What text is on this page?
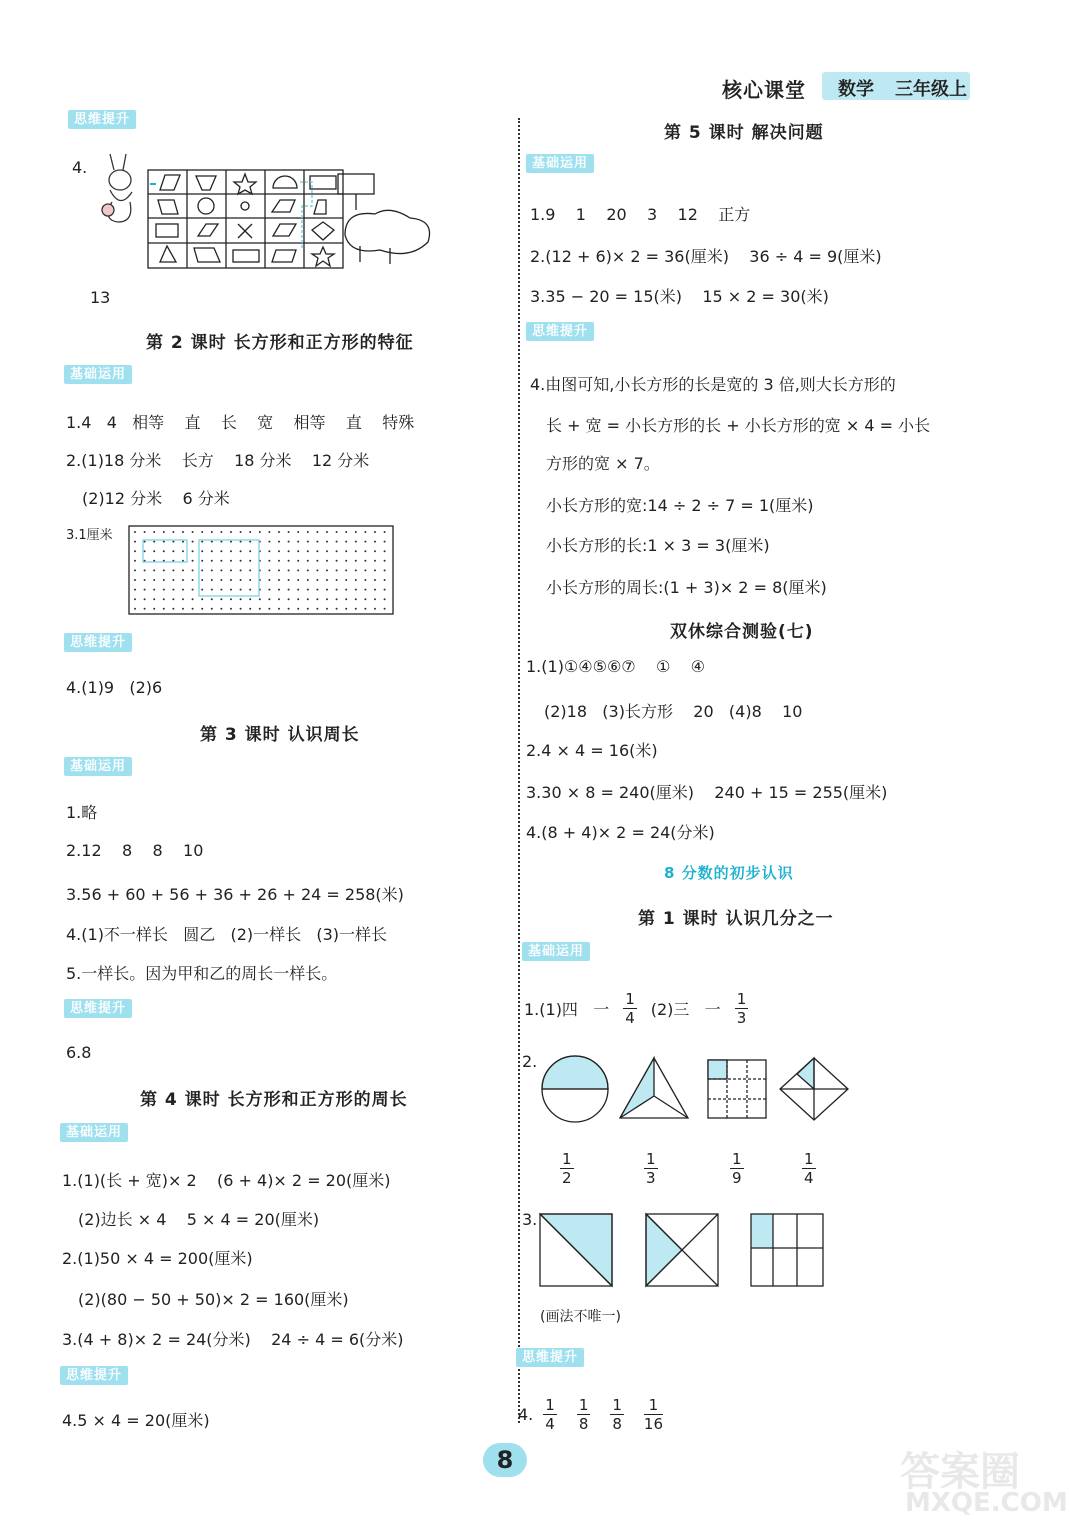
核心课堂 数学 三年级上
思维提升
4.
13
第 2 课时 长方形和正方形的特征
基础运用
1.4   4   相等    直    长    宽    相等    直    特殊
2.(1)18 分米    长方    18 分米    12 分米
(2)12 分米    6 分米
3.1厘米
思维提升
4.(1)9   (2)6
第 3 课时 认识周长
基础运用
1.略
2.12    8    8    10
3.56 + 60 + 56 + 36 + 26 + 24 = 258(米)
4.(1)不一样长   圆乙   (2)一样长   (3)一样长
5.一样长。因为甲和乙的周长一样长。
思维提升
6.8
第 4 课时 长方形和正方形的周长
基础运用
1.(1)(长 + 宽)× 2    (6 + 4)× 2 = 20(厘米)
(2)边长 × 4    5 × 4 = 20(厘米)
2.(1)50 × 4 = 200(厘米)
(2)(80 − 50 + 50)× 2 = 160(厘米)
3.(4 + 8)× 2 = 24(分米)    24 ÷ 4 = 6(分米)
思维提升
4.5 × 4 = 20(厘米)
第 5 课时 解决问题
基础运用
1.9    1    20    3    12    正方
2.(12 + 6)× 2 = 36(厘米)    36 ÷ 4 = 9(厘米)
3.35 − 20 = 15(米)    15 × 2 = 30(米)
思维提升
4.由图可知,小长方形的长是宽的 3 倍,则大长方形的
长 + 宽 = 小长方形的长 + 小长方形的宽 × 4 = 小长
方形的宽 × 7。
小长方形的宽:14 ÷ 2 ÷ 7 = 1(厘米)
小长方形的长:1 × 3 = 3(厘米)
小长方形的周长:(1 + 3)× 2 = 8(厘米)
双休综合测验(七)
1.(1)①④⑤⑥⑦    ①    ④
(2)18   (3)长方形    20   (4)8    10
2.4 × 4 = 16(米)
3.30 × 8 = 240(厘米)    240 + 15 = 255(厘米)
4.(8 + 4)× 2 = 24(分米)
8 分数的初步认识
第 1 课时 认识几分之一
基础运用
1.(1)四   一 $\frac{1}{4} (2)$三   一 $\frac{1}{3}$
2.
$\frac{1}{2}$	$\frac{1}{3}$	$\frac{1}{9}$	$\frac{1}{4}$
3.
(画法不唯一)
思维提升
4. $\frac{1}{4} \frac{1}{8} \frac{1}{8} \frac{1}{16}$
8	答案圈
MXQE.COM
